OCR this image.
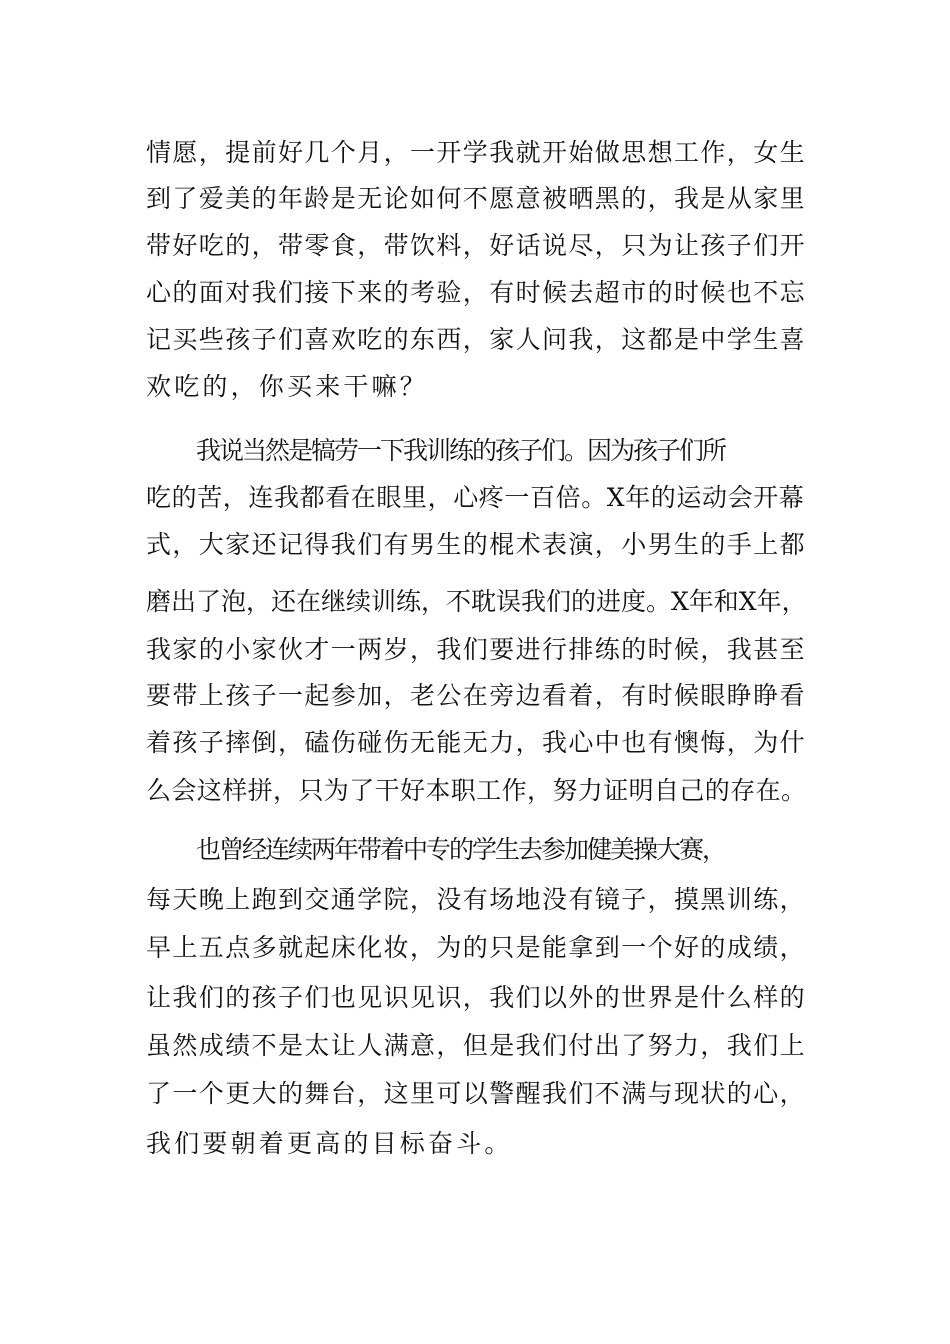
情愿，提前好几个月，一开学我就开始做思想工作，女生
到了爱美的年龄是无论如何不愿意被晒黑的，我是从家里
带好吃的，带零食，带饮料，好话说尽，只为让孩子们开
心的面对我们接下来的考验，有时候去超市的时候也不忘
记买些孩子们喜欢吃的东西，家人问我，这都是中学生喜
欢吃的，你买来干嘛？
我说当然是犒劳一下我训练的孩子们。因为孩子们所
吃的苦，连我都看在眼里，心疼一百倍。X年的运动会开幕
式，大家还记得我们有男生的棍术表演，小男生的手上都
磨出了泡，还在继续训练，不耽误我们的进度。X年和X年，
我家的小家伙才一两岁，我们要进行排练的时候，我甚至
要带上孩子一起参加，老公在旁边看着，有时候眼睁睁看
着孩子摔倒，磕伤碰伤无能无力，我心中也有懊悔，为什
么会这样拼，只为了干好本职工作，努力证明自己的存在。
也曾经连续两年带着中专的学生去参加健美操大赛，
每天晚上跑到交通学院，没有场地没有镜子，摸黑训练，
早上五点多就起床化妆，为的只是能拿到一个好的成绩，
让我们的孩子们也见识见识，我们以外的世界是什么样的
虽然成绩不是太让人满意，但是我们付出了努力，我们上
了一个更大的舞台，这里可以警醒我们不满与现状的心，
我们要朝着更高的目标奋斗。
